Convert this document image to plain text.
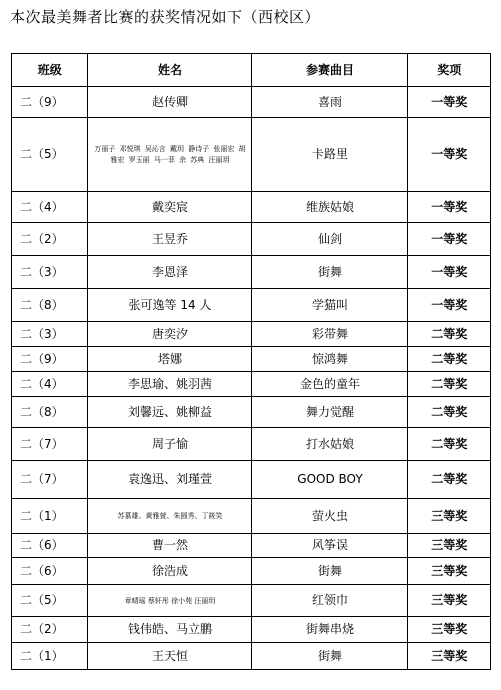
本次最美舞者比赛的获奖情况如下（西校区）
班级	姓名	参赛曲目	奖项
二（9）	赵传卿	喜雨	一等奖
二（5）	万丽子 邓悦琪 吴沁言 戴玥 静诗子 张丽宏 胡雅宏 罗玉丽 马一菲 余 苏典 汪丽玥	卡路里	一等奖
二（4）	戴奕宸	维族姑娘	一等奖
二（2）	王昱乔	仙剑	一等奖
二（3）	李恩泽	街舞	一等奖
二（8）	张可逸等 14 人	学猫叫	一等奖
二（3）	唐奕汐	彩带舞	二等奖
二（9）	塔娜	惊鸿舞	二等奖
二（4）	李思瑜、姚羽茜	金色的童年	二等奖
二（8）	刘馨远、姚柳益	舞力觉醒	二等奖
二（7）	周子愉	打水姑娘	二等奖
二（7）	袁逸迅、刘瑾萱	GOOD BOY	二等奖
二（1）	苏慕雄、黄雅萱、朱圆秀、丁筱笑	萤火虫	三等奖
二（6）	曹一然	风筝误	三等奖
二（6）	徐浩成	街舞	三等奖
二（5）	章晴瑶 蔡轩彤 徐小苑 汪丽玥	红领巾	三等奖
二（2）	钱伟皓、马立鹏	街舞串烧	三等奖
二（1）	王天恒	街舞	三等奖
